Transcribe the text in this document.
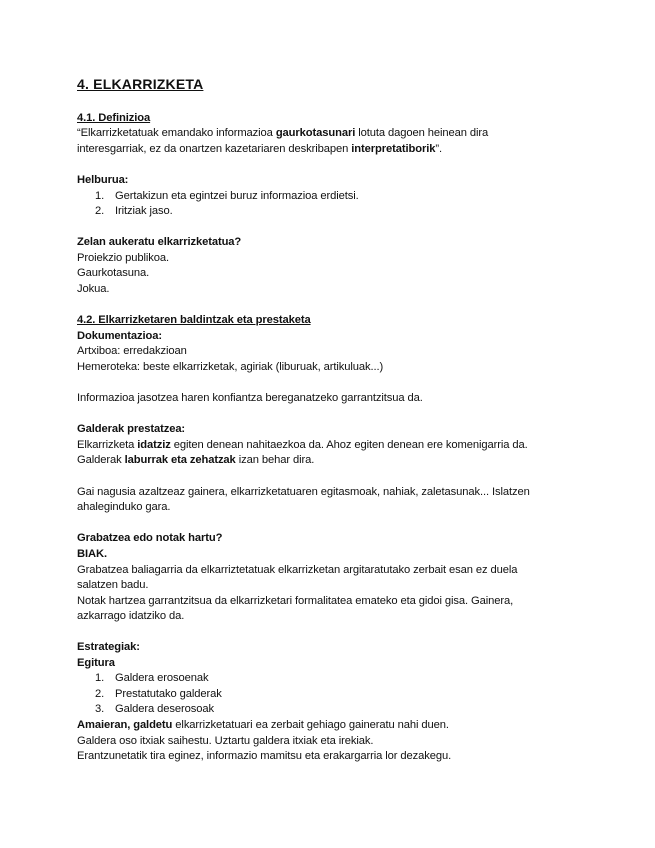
4. ELKARRIZKETA
4.1. Definizioa
“Elkarrizketatuak emandako informazioa gaurkotasunari lotuta dagoen heinean dira
interesgarriak, ez da onartzen kazetariaren deskribapen interpretatiborik”.
Helburua:
1. Gertakizun eta egintzei buruz informazioa erdietsi.
2. Iritziak jaso.
Zelan aukeratu elkarrizketatua?
Proiekzio publikoa.
Gaurkotasuna.
Jokua.
4.2. Elkarrizketaren baldintzak eta prestaketa
Dokumentazioa:
Artxiboa: erredakzioan
Hemeroteka: beste elkarrizketak, agiriak (liburuak, artikuluak...)
Informazioa jasotzea haren konfiantza bereganatzeko garrantzitsua da.
Galderak prestatzea:
Elkarrizketa idatziz egiten denean nahitaezkoa da. Ahoz egiten denean ere komenigarria da.
Galderak laburrak eta zehatzak izan behar dira.
Gai nagusia azaltzeaz gainera, elkarrizketatuaren egitasmoak, nahiak, zaletasunak... Islatzen
ahalegindukо gara.
Grabatzea edo notak hartu?
BIAK.
Grabatzea baliagarria da elkarriztetatuak elkarrizketan argitaratutako zerbait esan ez duela
salatzen badu.
Notak hartzea garrantzitsua da elkarrizketari formalitatea emateko eta gidoi gisa. Gainera,
azkarrago idatziko da.
Estrategiak:
Egitura
1. Galdera erosoenak
2. Prestatutako galderak
3. Galdera deserosoak
Amaieran, galdetu elkarrizketatuari ea zerbait gehiago gaineratu nahi duen.
Galdera oso itxiak saihestu. Uztartu galdera itxiak eta irekiak.
Erantzunetatik tira eginez, informazio mamitsu eta erakargarria lor dezakegu.
